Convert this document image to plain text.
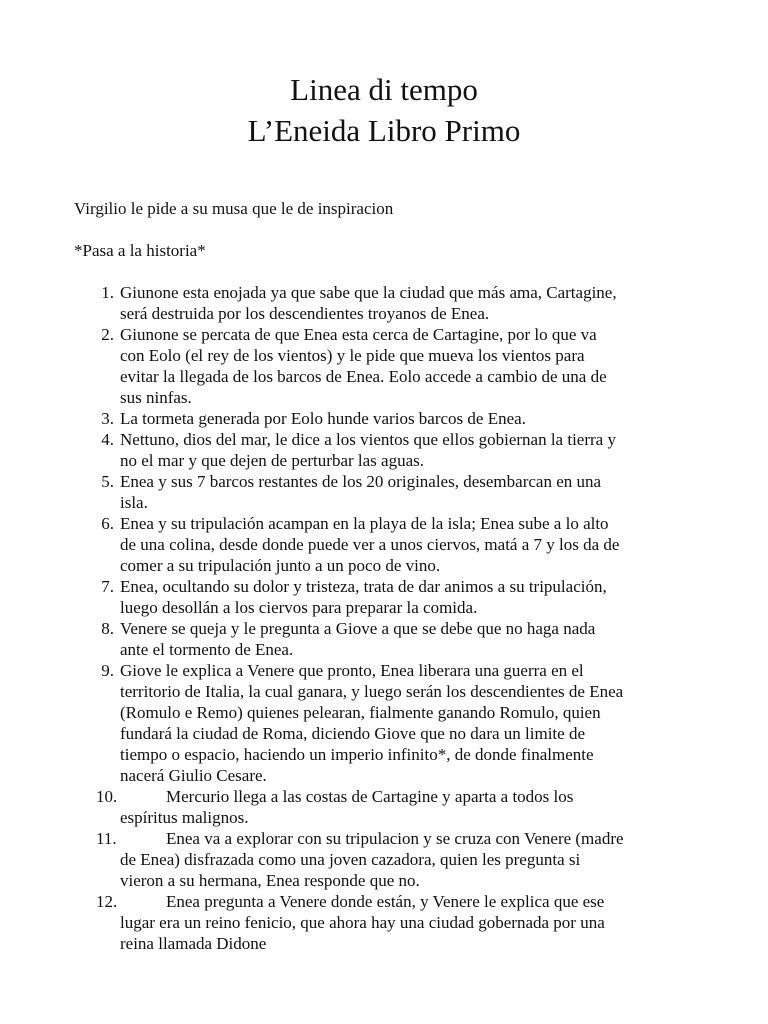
Linea di tempo
L’Eneida Libro Primo

Virgilio le pide a su musa que le de inspiracion

*Pasa a la historia*

1. Giunone esta enojada ya que sabe que la ciudad que más ama, Cartagine,
será destruida por los descendientes troyanos de Enea.
2. Giunone se percata de que Enea esta cerca de Cartagine, por lo que va
con Eolo (el rey de los vientos) y le pide que mueva los vientos para
evitar la llegada de los barcos de Enea. Eolo accede a cambio de una de
sus ninfas.
3. La tormeta generada por Eolo hunde varios barcos de Enea.
4. Nettuno, dios del mar, le dice a los vientos que ellos gobiernan la tierra y
no el mar y que dejen de perturbar las aguas.
5. Enea y sus 7 barcos restantes de los 20 originales, desembarcan en una
isla.
6. Enea y su tripulación acampan en la playa de la isla; Enea sube a lo alto
de una colina, desde donde puede ver a unos ciervos, matá a 7 y los da de
comer a su tripulación junto a un poco de vino.
7. Enea, ocultando su dolor y tristeza, trata de dar animos a su tripulación,
luego desollán a los ciervos para preparar la comida.
8. Venere se queja y le pregunta a Giove a que se debe que no haga nada
ante el tormento de Enea.
9. Giove le explica a Venere que pronto, Enea liberara una guerra en el
territorio de Italia, la cual ganara, y luego serán los descendientes de Enea
(Romulo e Remo) quienes pelearan, fialmente ganando Romulo, quien
fundará la ciudad de Roma, diciendo Giove que no dara un limite de
tiempo o espacio, haciendo un imperio infinito*, de donde finalmente
nacerá Giulio Cesare.
10.	Mercurio llega a las costas de Cartagine y aparta a todos los
espíritus malignos.
11.	Enea va a explorar con su tripulacion y se cruza con Venere (madre
de Enea) disfrazada como una joven cazadora, quien les pregunta si
vieron a su hermana, Enea responde que no.
12.	Enea pregunta a Venere donde están, y Venere le explica que ese
lugar era un reino fenicio, que ahora hay una ciudad gobernada por una
reina llamada Didone
